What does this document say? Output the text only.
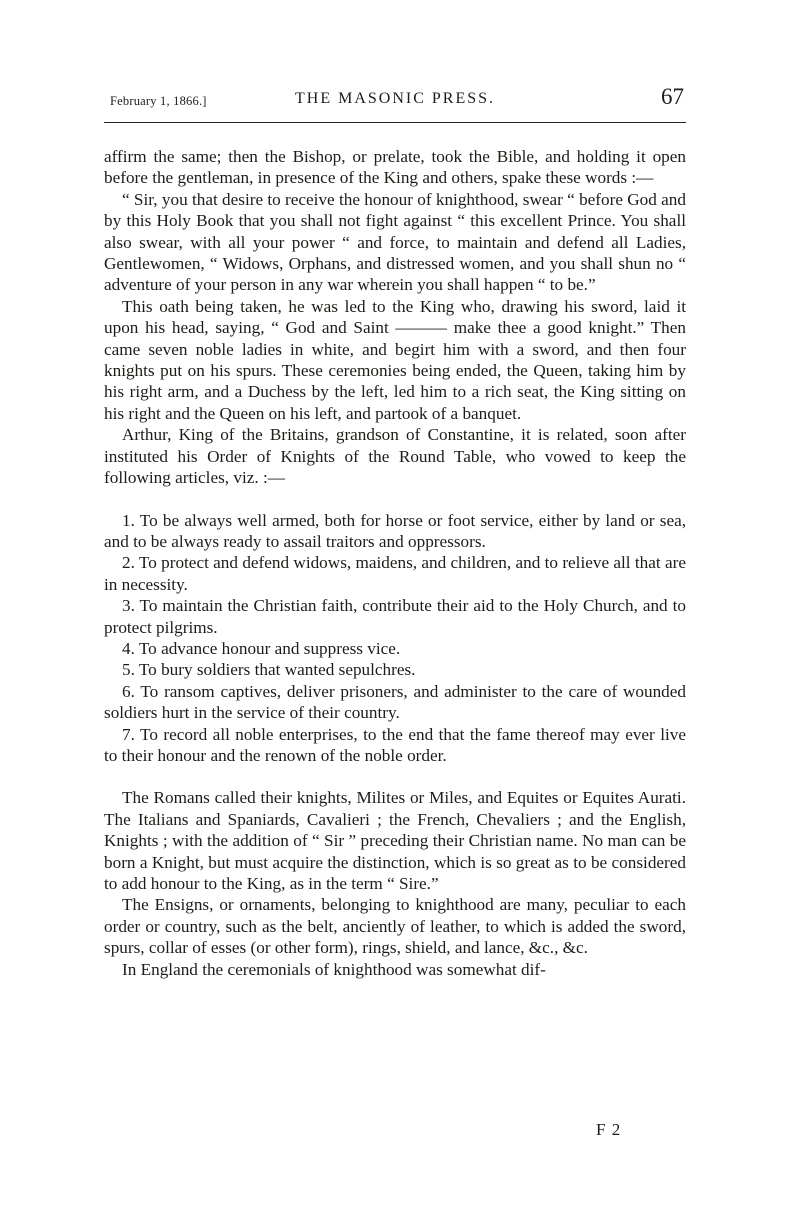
February 1, 1866.]	THE MASONIC PRESS.	67

affirm the same; then the Bishop, or prelate, took the Bible, and holding it open before the gentleman, in presence of the King and others, spake these words :—

“ Sir, you that desire to receive the honour of knighthood, swear “ before God and by this Holy Book that you shall not fight against “ this excellent Prince. You shall also swear, with all your power “ and force, to maintain and defend all Ladies, Gentlewomen, “ Widows, Orphans, and distressed women, and you shall shun no “ adventure of your person in any war wherein you shall happen “ to be.”

This oath being taken, he was led to the King who, drawing his sword, laid it upon his head, saying, “ God and Saint ——— make thee a good knight.” Then came seven noble ladies in white, and begirt him with a sword, and then four knights put on his spurs. These ceremonies being ended, the Queen, taking him by his right arm, and a Duchess by the left, led him to a rich seat, the King sitting on his right and the Queen on his left, and partook of a banquet.

Arthur, King of the Britains, grandson of Constantine, it is related, soon after instituted his Order of Knights of the Round Table, who vowed to keep the following articles, viz. :—

1. To be always well armed, both for horse or foot service, either by land or sea, and to be always ready to assail traitors and oppressors.

2. To protect and defend widows, maidens, and children, and to relieve all that are in necessity.

3. To maintain the Christian faith, contribute their aid to the Holy Church, and to protect pilgrims.

4. To advance honour and suppress vice.

5. To bury soldiers that wanted sepulchres.

6. To ransom captives, deliver prisoners, and administer to the care of wounded soldiers hurt in the service of their country.

7. To record all noble enterprises, to the end that the fame thereof may ever live to their honour and the renown of the noble order.

The Romans called their knights, Milites or Miles, and Equites or Equites Aurati. The Italians and Spaniards, Cavalieri ; the French, Chevaliers ; and the English, Knights ; with the addition of “ Sir ” preceding their Christian name. No man can be born a Knight, but must acquire the distinction, which is so great as to be considered to add honour to the King, as in the term “ Sire.”

The Ensigns, or ornaments, belonging to knighthood are many, peculiar to each order or country, such as the belt, anciently of leather, to which is added the sword, spurs, collar of esses (or other form), rings, shield, and lance, &c., &c.

In England the ceremonials of knighthood was somewhat dif-

F 2
